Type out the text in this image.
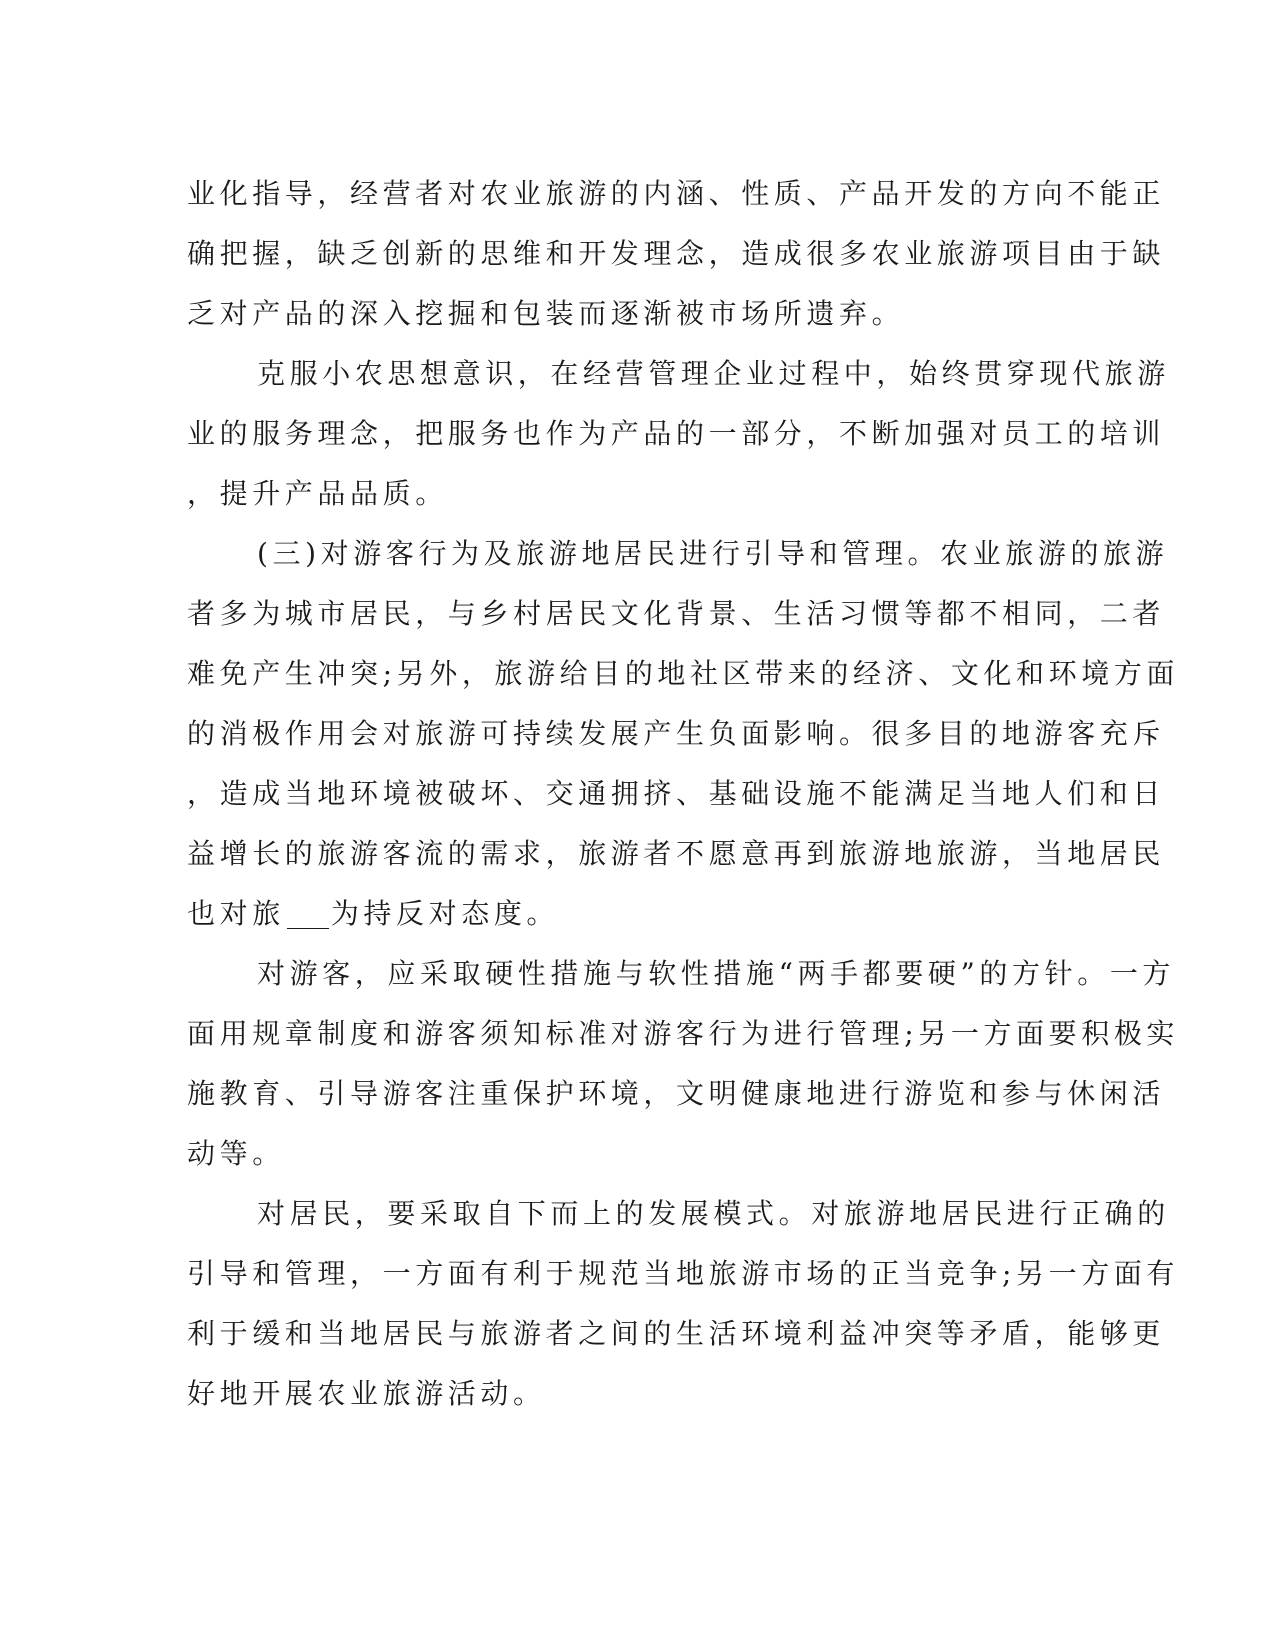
业化指导，经营者对农业旅游的内涵、性质、产品开发的方向不能正
确把握，缺乏创新的思维和开发理念，造成很多农业旅游项目由于缺
乏对产品的深入挖掘和包装而逐渐被市场所遗弃。
克服小农思想意识，在经营管理企业过程中，始终贯穿现代旅游
业的服务理念，把服务也作为产品的一部分，不断加强对员工的培训
，提升产品品质。
(三)对游客行为及旅游地居民进行引导和管理。农业旅游的旅游
者多为城市居民，与乡村居民文化背景、生活习惯等都不相同，二者
难免产生冲突;另外，旅游给目的地社区带来的经济、文化和环境方面
的消极作用会对旅游可持续发展产生负面影响。很多目的地游客充斥
，造成当地环境被破坏、交通拥挤、基础设施不能满足当地人们和日
益增长的旅游客流的需求，旅游者不愿意再到旅游地旅游，当地居民
也对旅 为持反对态度。
对游客，应采取硬性措施与软性措施“两手都要硬”的方针。一方
面用规章制度和游客须知标准对游客行为进行管理;另一方面要积极实
施教育、引导游客注重保护环境，文明健康地进行游览和参与休闲活
动等。
对居民，要采取自下而上的发展模式。对旅游地居民进行正确的
引导和管理，一方面有利于规范当地旅游市场的正当竞争;另一方面有
利于缓和当地居民与旅游者之间的生活环境利益冲突等矛盾，能够更
好地开展农业旅游活动。
